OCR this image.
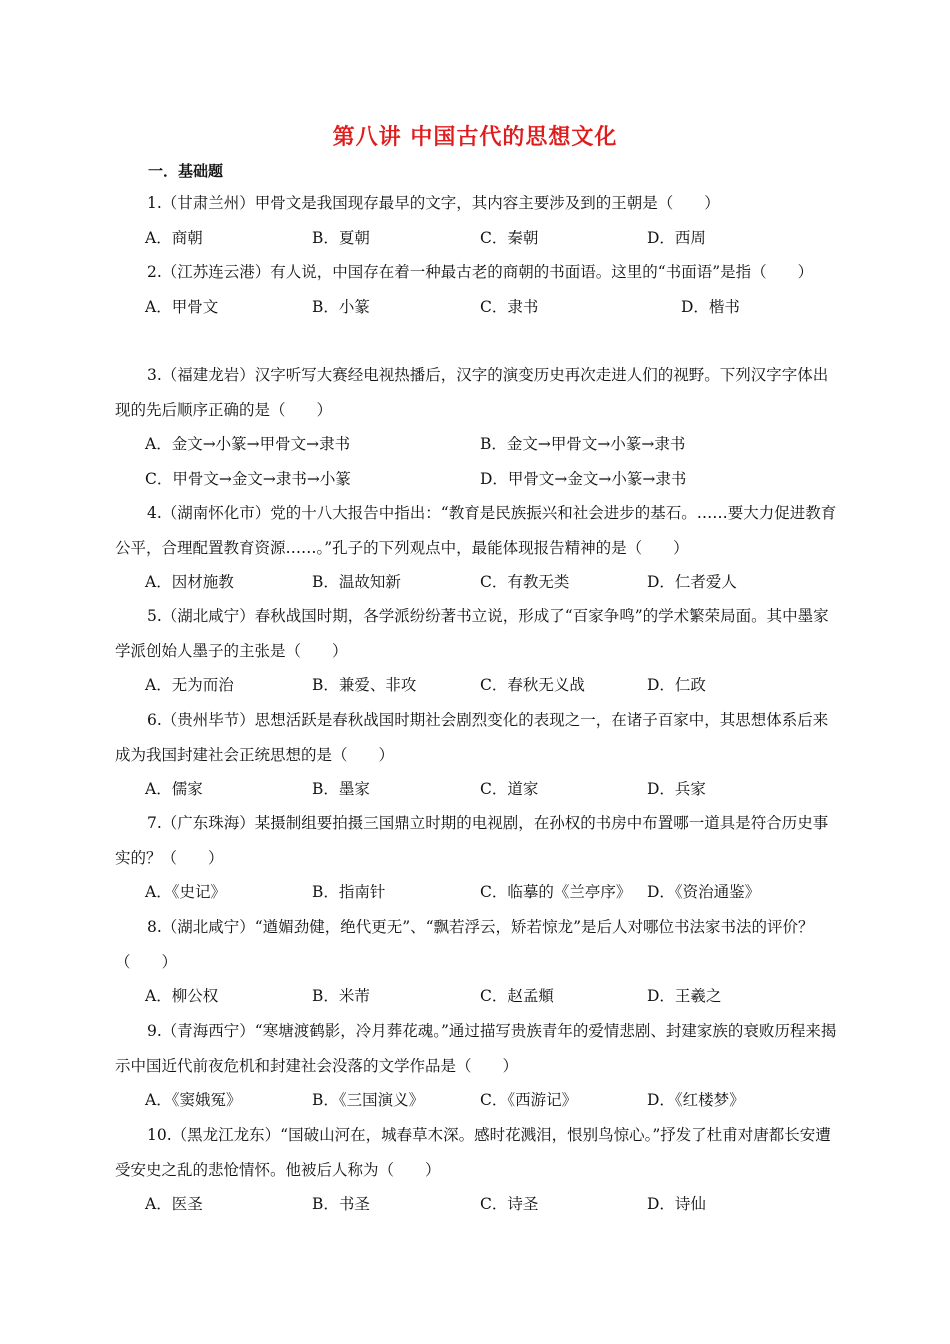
第八讲 中国古代的思想文化
一．基础题

1.（甘肃兰州）甲骨文是我国现存最早的文字，其内容主要涉及到的王朝是（　　）

A．商朝	B．夏朝	C．秦朝	D．西周

2.（江苏连云港）有人说，中国存在着一种最古老的商朝的书面语。这里的“书面语”是指（　　）

A．甲骨文	B．小篆	C．隶书	D．楷书

3.（福建龙岩）汉字听写大赛经电视热播后，汉字的演变历史再次走进人们的视野。下列汉字字体出现的先后顺序正确的是（　　）

A．金文→小篆→甲骨文→隶书	B．金文→甲骨文→小篆→隶书
C．甲骨文→金文→隶书→小篆	D．甲骨文→金文→小篆→隶书

4.（湖南怀化市）党的十八大报告中指出：“教育是民族振兴和社会进步的基石。……要大力促进教育公平，合理配置教育资源……。”孔子的下列观点中，最能体现报告精神的是（　　）

A．因材施教	B．温故知新	C．有教无类	D．仁者爱人

5.（湖北咸宁）春秋战国时期，各学派纷纷著书立说，形成了“百家争鸣”的学术繁荣局面。其中墨家学派创始人墨子的主张是（　　）

A．无为而治	B．兼爱、非攻	C．春秋无义战	D．仁政

6.（贵州毕节）思想活跃是春秋战国时期社会剧烈变化的表现之一，在诸子百家中，其思想体系后来成为我国封建社会正统思想的是（　　）

A．儒家	B．墨家	C．道家	D．兵家

7.（广东珠海）某摄制组要拍摄三国鼎立时期的电视剧，在孙权的书房中布置哪一道具是符合历史事实的？（　　）

A．《史记》	B．指南针	C．临摹的《兰亭序》	D．《资治通鉴》

8.（湖北咸宁）“遒媚劲健，绝代更无”、“飘若浮云，矫若惊龙”是后人对哪位书法家书法的评价？（　　）

A．柳公权	B．米芾	C．赵孟頫	D．王羲之

9.（青海西宁）“寒塘渡鹤影，冷月葬花魂。”通过描写贵族青年的爱情悲剧、封建家族的衰败历程来揭示中国近代前夜危机和封建社会没落的文学作品是（　　）

A．《窦娥冤》	B．《三国演义》	C．《西游记》	D．《红楼梦》

10.（黑龙江龙东）“国破山河在，城春草木深。感时花溅泪，恨别鸟惊心。”抒发了杜甫对唐都长安遭受安史之乱的悲怆情怀。他被后人称为（　　）

A．医圣	B．书圣	C．诗圣	D．诗仙
